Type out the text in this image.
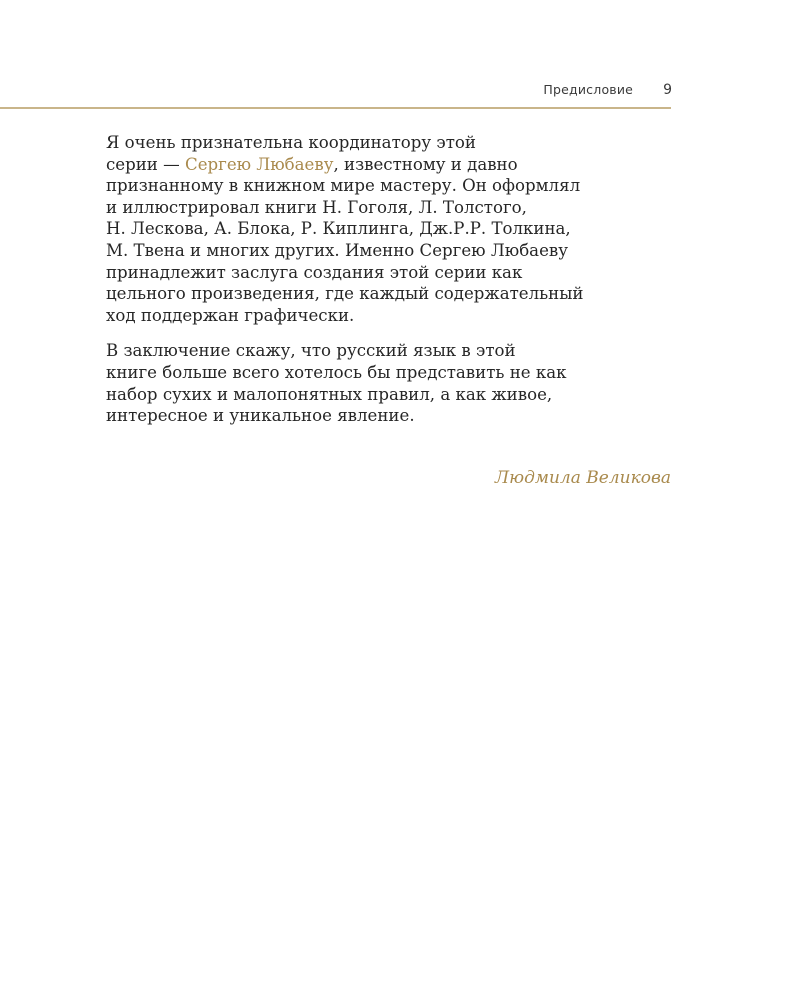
Предисловие 9

Я очень признательна координатору этой
серии — Сергею Любаеву, известному и давно
признанному в книжном мире мастеру. Он оформлял
и иллюстрировал книги Н. Гоголя, Л. Толстого,
Н. Лескова, А. Блока, Р. Киплинга, Дж.Р.Р. Толкина,
М. Твена и многих других. Именно Сергею Любаеву
принадлежит заслуга создания этой серии как
цельного произведения, где каждый содержательный
ход поддержан графически.

В заключение скажу, что русский язык в этой
книге больше всего хотелось бы представить не как
набор сухих и малопонятных правил, а как живое,
интересное и уникальное явление.

Людмила Великова
